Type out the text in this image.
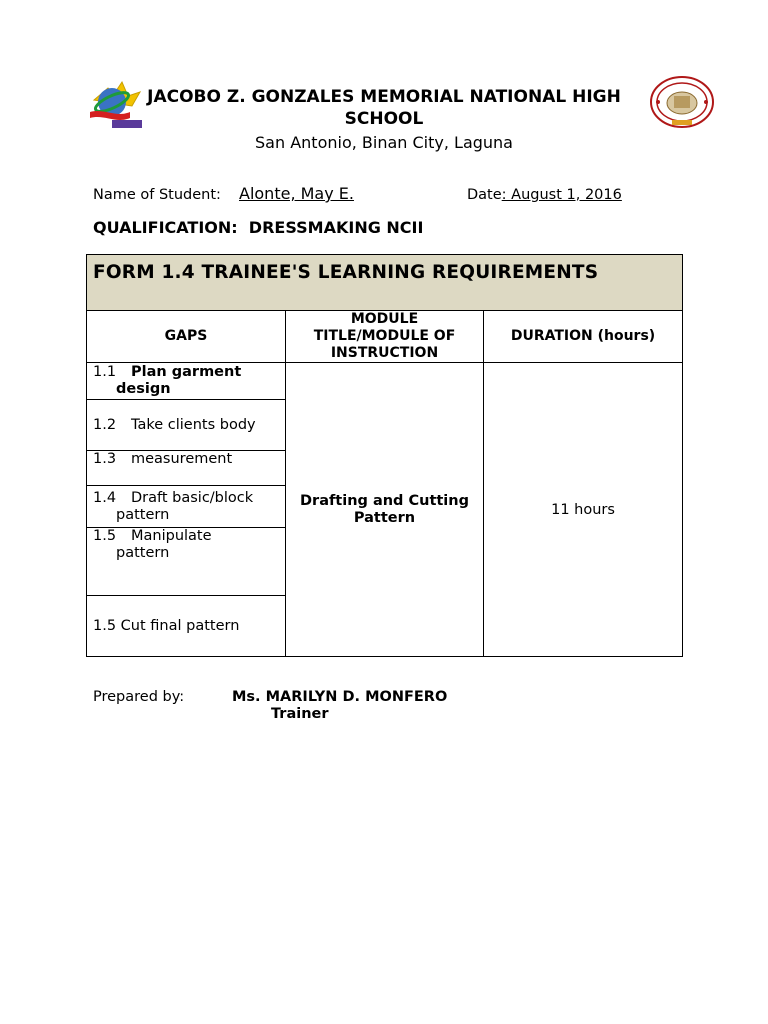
JACOBO Z. GONZALES MEMORIAL NATIONAL HIGH SCHOOL
San Antonio, Binan City, Laguna
Name of Student: Alonte, May E.	Date: August 1, 2016
QUALIFICATION: DRESSMAKING NCII
FORM 1.4 TRAINEE'S LEARNING REQUIREMENTS		

GAPS	MODULE TITLE/MODULE OF INSTRUCTION	DURATION (hours)
1.1 Plan garment
design	Drafting and Cutting Pattern	11 hours
1.2 Take clients body		
1.3 measurement		
1.4 Draft basic/block
pattern		

1.5 Manipulate
pattern		

1.5 Cut final pattern		
Prepared by:	Ms. MARILYN D. MONFERO
Trainer
